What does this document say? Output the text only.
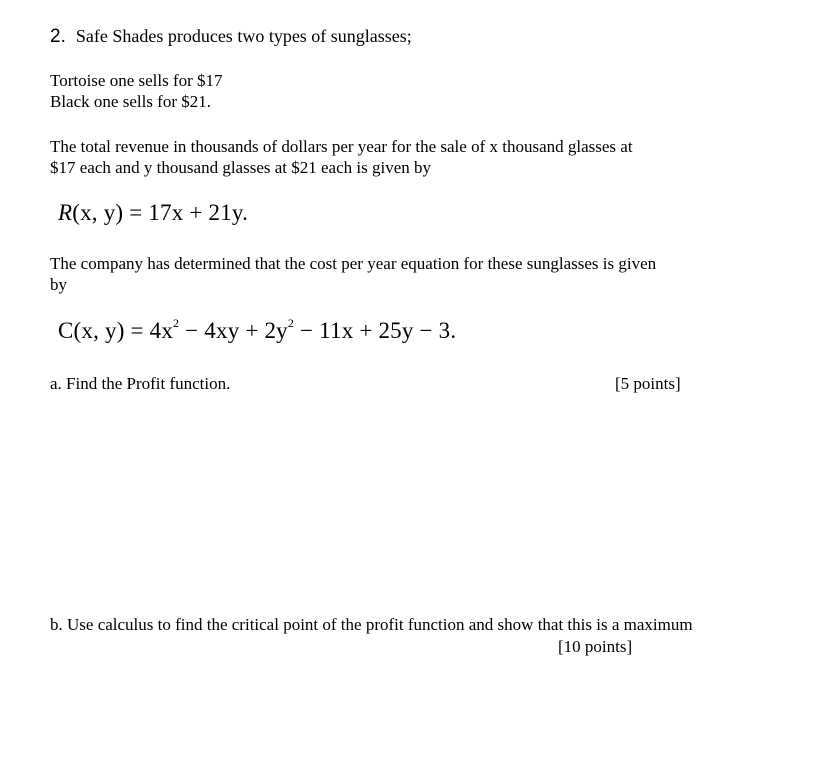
2. Safe Shades produces two types of sunglasses;
Tortoise one sells for $17
Black one sells for $21.
The total revenue in thousands of dollars per year for the sale of x thousand glasses at
$17 each and y thousand glasses at $21 each is given by
R(x, y) = 17x + 21y.
The company has determined that the cost per year equation for these sunglasses is given
by
C(x, $y) = 4x^2 - 4xy + 2y^2 - 11x + 25y - 3$.
a. Find the Profit function.	[5 points]
b. Use calculus to find the critical point of the profit function and show that this is a maximum
[10 points]
